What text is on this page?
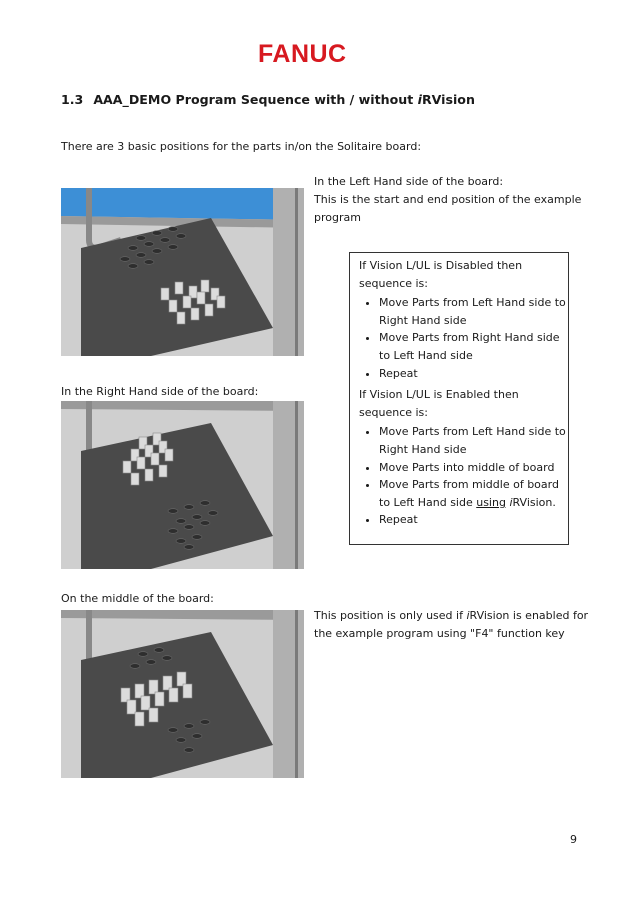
FANUC
1.3 AAA_DEMO Program Sequence with / without iRVision
There are 3 basic positions for the parts in/on the Solitaire board:
In the Left Hand side of the board:
This is the start and end position of the example
program

If Vision L/UL is Disabled then

sequence is:

• Move Parts from Left Hand side to
Right Hand side
• Move Parts from Right Hand side
to Left Hand side
• Repeat

If Vision L/UL is Enabled then

sequence is:

• Move Parts from Left Hand side to
Right Hand side
• Move Parts into middle of board
• Move Parts from middle of board
to Left Hand side using iRVision.
• Repeat
In the Right Hand side of the board:
On the middle of the board:
This position is only used if iRVision is enabled for
the example program using "F4" function key
9
